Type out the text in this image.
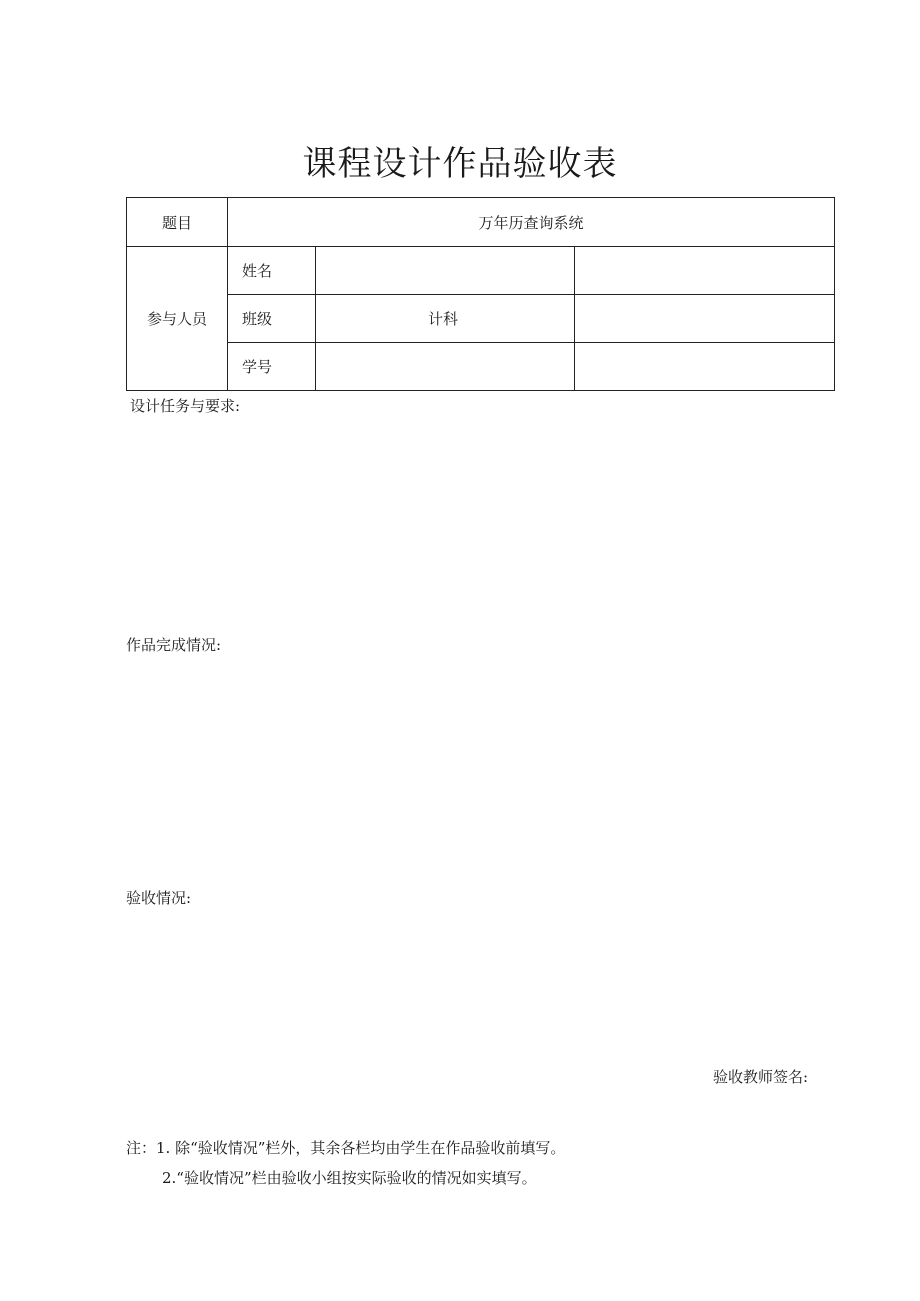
课程设计作品验收表
题目	万年历查询系统		
参与人员	姓名		
	班级	计科	
	学号		
设计任务与要求:
作品完成情况:
验收情况:
验收教师签名:
注：1. 除“验收情况”栏外，其余各栏均由学生在作品验收前填写。
2.“验收情况”栏由验收小组按实际验收的情况如实填写。
